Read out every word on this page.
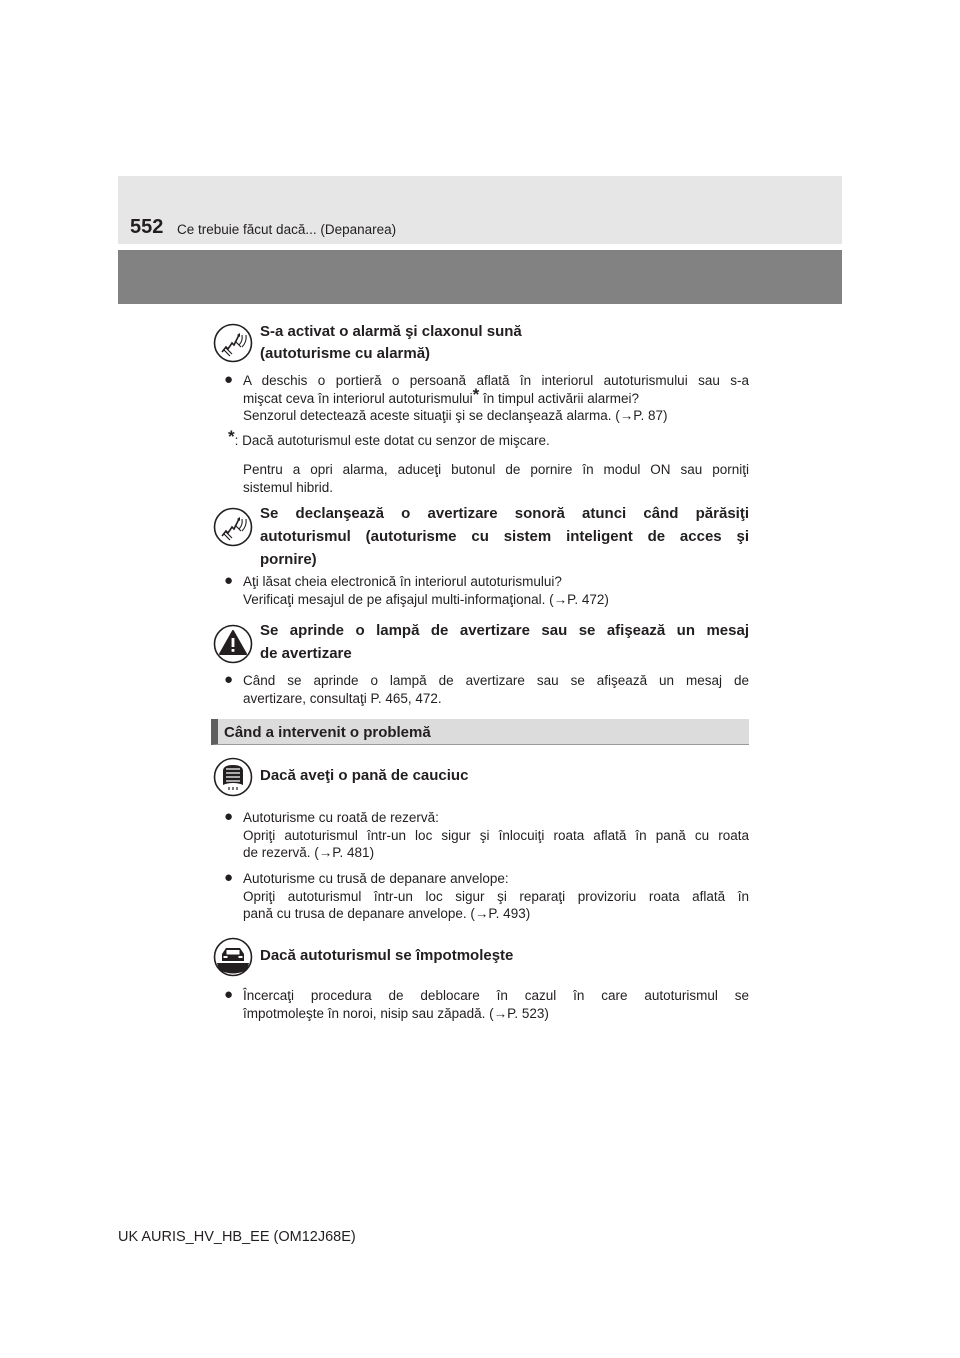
552 Ce trebuie făcut dacă... (Depanarea)
S-a activat o alarmă şi claxonul sună
(autoturisme cu alarmă)
● A deschis o portieră o persoană aflată în interiorul autoturismului sau s-a
mişcat ceva în interiorul autoturismului* în timpul activării alarmei?
Senzorul detectează aceste situaţii şi se declanşează alarma. (→P. 87)
*: Dacă autoturismul este dotat cu senzor de mişcare.
Pentru a opri alarma, aduceţi butonul de pornire în modul ON sau porniţi
sistemul hibrid.
Se declanşează o avertizare sonoră atunci când părăsiţi
autoturismul (autoturisme cu sistem inteligent de acces şi
pornire)
● Aţi lăsat cheia electronică în interiorul autoturismului?
Verificaţi mesajul de pe afişajul multi-informaţional. (→P. 472)
Se aprinde o lampă de avertizare sau se afişează un mesaj
de avertizare
● Când se aprinde o lampă de avertizare sau se afişează un mesaj de
avertizare, consultaţi P. 465, 472.
Când a intervenit o problemă
Dacă aveţi o pană de cauciuc
● Autoturisme cu roată de rezervă:
Opriţi autoturismul într-un loc sigur şi înlocuiţi roata aflată în pană cu roata
de rezervă. (→P. 481)
● Autoturisme cu trusă de depanare anvelope:
Opriţi autoturismul într-un loc sigur şi reparaţi provizoriu roata aflată în
pană cu trusa de depanare anvelope. (→P. 493)
Dacă autoturismul se împotmoleşte
● Încercaţi procedura de deblocare în cazul în care autoturismul se
împotmoleşte în noroi, nisip sau zăpadă. (→P. 523)
UK AURIS_HV_HB_EE (OM12J68E)
